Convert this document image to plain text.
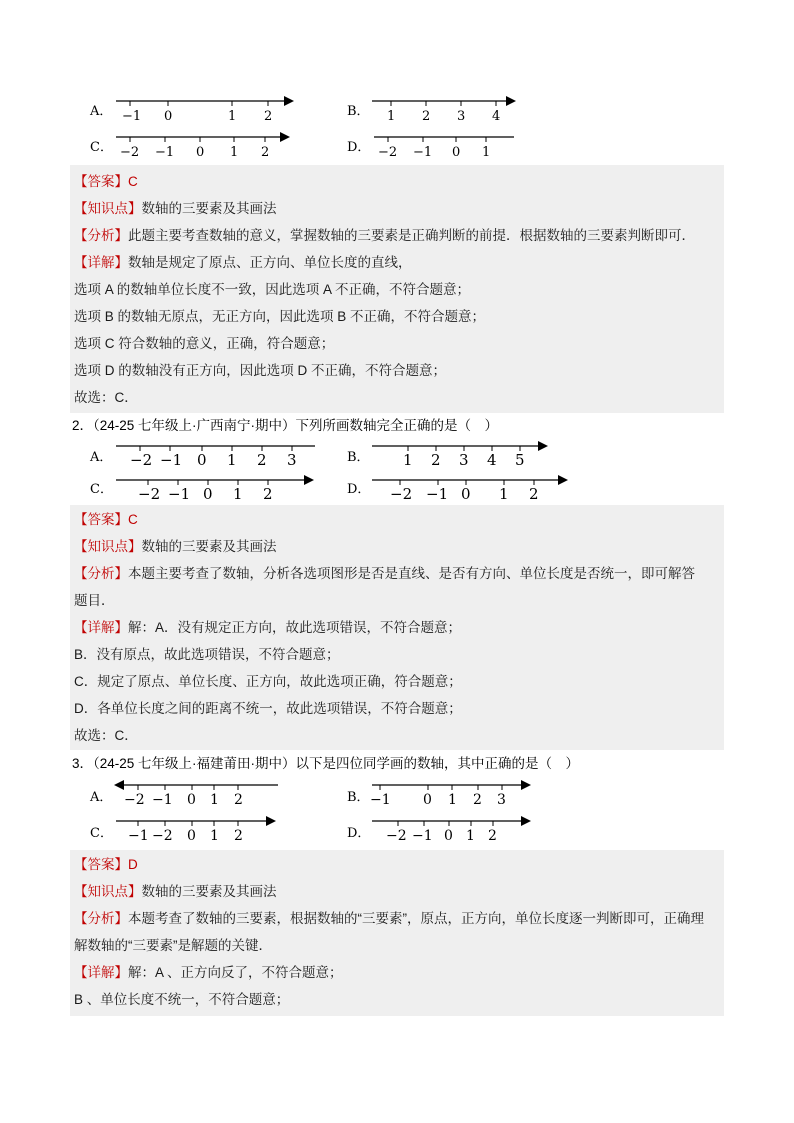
A． −1 0	1 2	B． 1 2 3 4
C． −2 −1 0 1 2	D． −2 −1 0 1
【答案】C
【知识点】数轴的三要素及其画法
【分析】此题主要考查数轴的意义，掌握数轴的三要素是正确判断的前提．根据数轴的三要素判断即可．
【详解】数轴是规定了原点、正方向、单位长度的直线，
选项 A 的数轴单位长度不一致，因此选项 A 不正确，不符合题意；
选项 B 的数轴无原点，无正方向，因此选项 B 不正确，不符合题意；
选项 C 符合数轴的意义，正确，符合题意；
选项 D 的数轴没有正方向，因此选项 D 不正确，不符合题意；
故选：C．
2．（24-25 七年级上·广西南宁·期中）下列所画数轴完全正确的是（　）
A． −2 −1 0 1 2 3	B． 1 2 3 4 5
C． −2 −1 0 1 2	D． −2 −1 0 1 2
【答案】C
【知识点】数轴的三要素及其画法
【分析】本题主要考查了数轴，分析各选项图形是否是直线、是否有方向、单位长度是否统一，即可解答
题目．
【详解】解：A．没有规定正方向，故此选项错误，不符合题意；
B．没有原点，故此选项错误，不符合题意；
C．规定了原点、单位长度、正方向，故此选项正确，符合题意；
D．各单位长度之间的距离不统一，故此选项错误，不符合题意；
故选：C．
3．（24-25 七年级上·福建莆田·期中）以下是四位同学画的数轴，其中正确的是（　）
A． −2 −1 0 1 2	B． −1 0 1 2 3
C． −1 −2 0 1 2	D． −2 −1 0 1 2
【答案】D
【知识点】数轴的三要素及其画法
【分析】本题考查了数轴的三要素，根据数轴的“三要素”，原点，正方向，单位长度逐一判断即可，正确理
解数轴的“三要素”是解题的关键．
【详解】解：A 、正方向反了，不符合题意；
B 、单位长度不统一，不符合题意；
